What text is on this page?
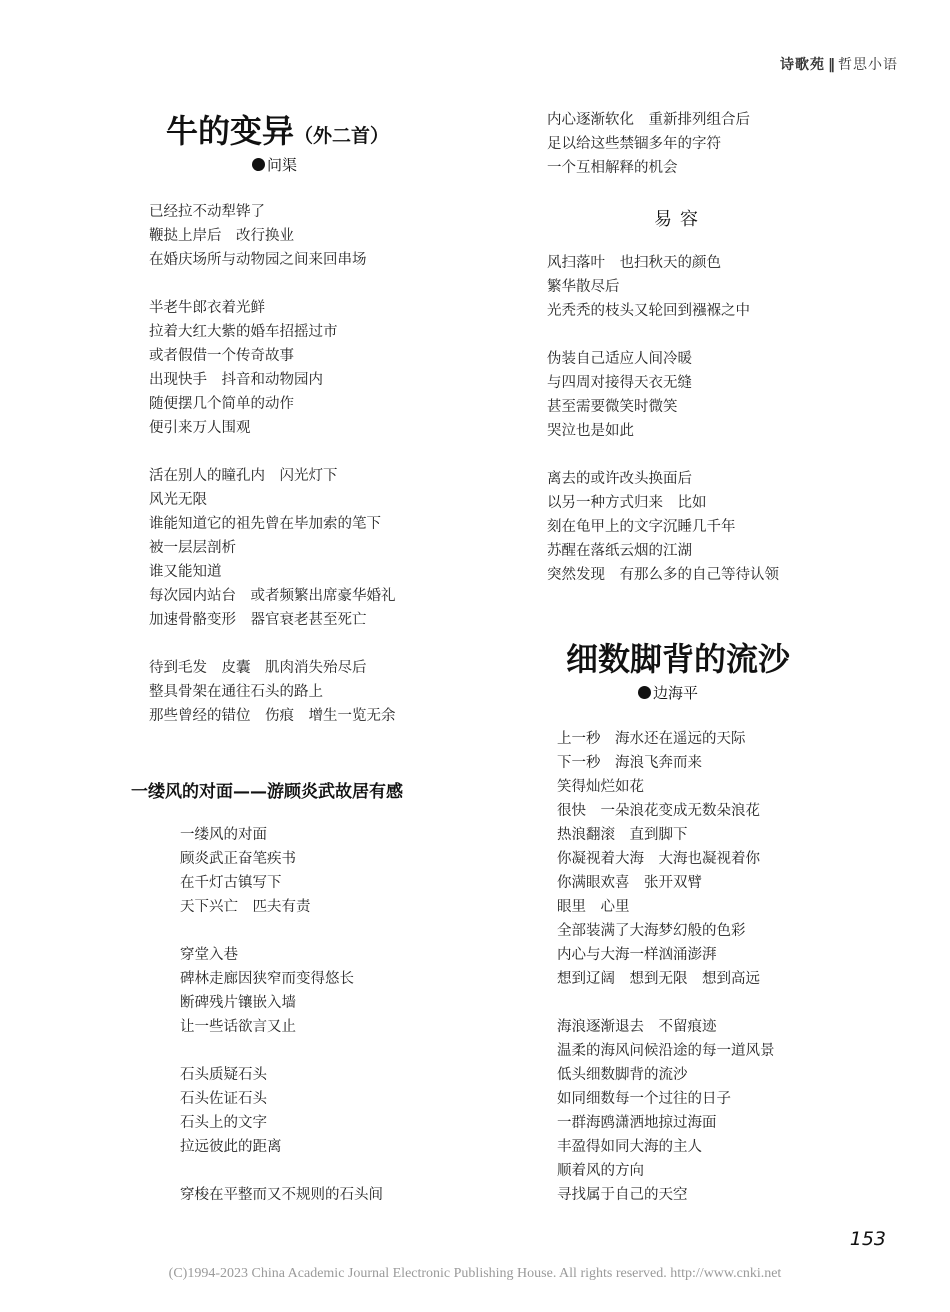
诗歌苑 ‖ 哲思小语
牛的变异（外二首）
问渠
已经拉不动犁铧了
鞭挞上岸后　改行换业
在婚庆场所与动物园之间来回串场
半老牛郎衣着光鲜
拉着大红大紫的婚车招摇过市
或者假借一个传奇故事
出现快手　抖音和动物园内
随便摆几个简单的动作
便引来万人围观
活在别人的瞳孔内　闪光灯下
风光无限
谁能知道它的祖先曾在毕加索的笔下
被一层层剖析
谁又能知道
每次园内站台　或者频繁出席豪华婚礼
加速骨骼变形　器官衰老甚至死亡
待到毛发　皮囊　肌肉消失殆尽后
整具骨架在通往石头的路上
那些曾经的错位　伤痕　增生一览无余
一缕风的对面——游顾炎武故居有感
一缕风的对面
顾炎武正奋笔疾书
在千灯古镇写下
天下兴亡　匹夫有责
穿堂入巷
碑林走廊因狭窄而变得悠长
断碑残片镶嵌入墙
让一些话欲言又止
石头质疑石头
石头佐证石头
石头上的文字
拉远彼此的距离
穿梭在平整而又不规则的石头间
内心逐渐软化　重新排列组合后
足以给这些禁锢多年的字符
一个互相解释的机会
易容
风扫落叶　也扫秋天的颜色
繁华散尽后
光秃秃的枝头又轮回到襁褓之中
伪装自己适应人间冷暖
与四周对接得天衣无缝
甚至需要微笑时微笑
哭泣也是如此
离去的或许改头换面后
以另一种方式归来　比如
刻在龟甲上的文字沉睡几千年
苏醒在落纸云烟的江湖
突然发现　有那么多的自己等待认领
细数脚背的流沙
边海平
上一秒　海水还在遥远的天际
下一秒　海浪飞奔而来
笑得灿烂如花
很快　一朵浪花变成无数朵浪花
热浪翻滚　直到脚下
你凝视着大海　大海也凝视着你
你满眼欢喜　张开双臂
眼里　心里
全部装满了大海梦幻般的色彩
内心与大海一样汹涌澎湃
想到辽阔　想到无限　想到高远
海浪逐渐退去　不留痕迹
温柔的海风问候沿途的每一道风景
低头细数脚背的流沙
如同细数每一个过往的日子
一群海鸥潇洒地掠过海面
丰盈得如同大海的主人
顺着风的方向
寻找属于自己的天空
153
(C)1994-2023 China Academic Journal Electronic Publishing House. All rights reserved. http://www.cnki.net
